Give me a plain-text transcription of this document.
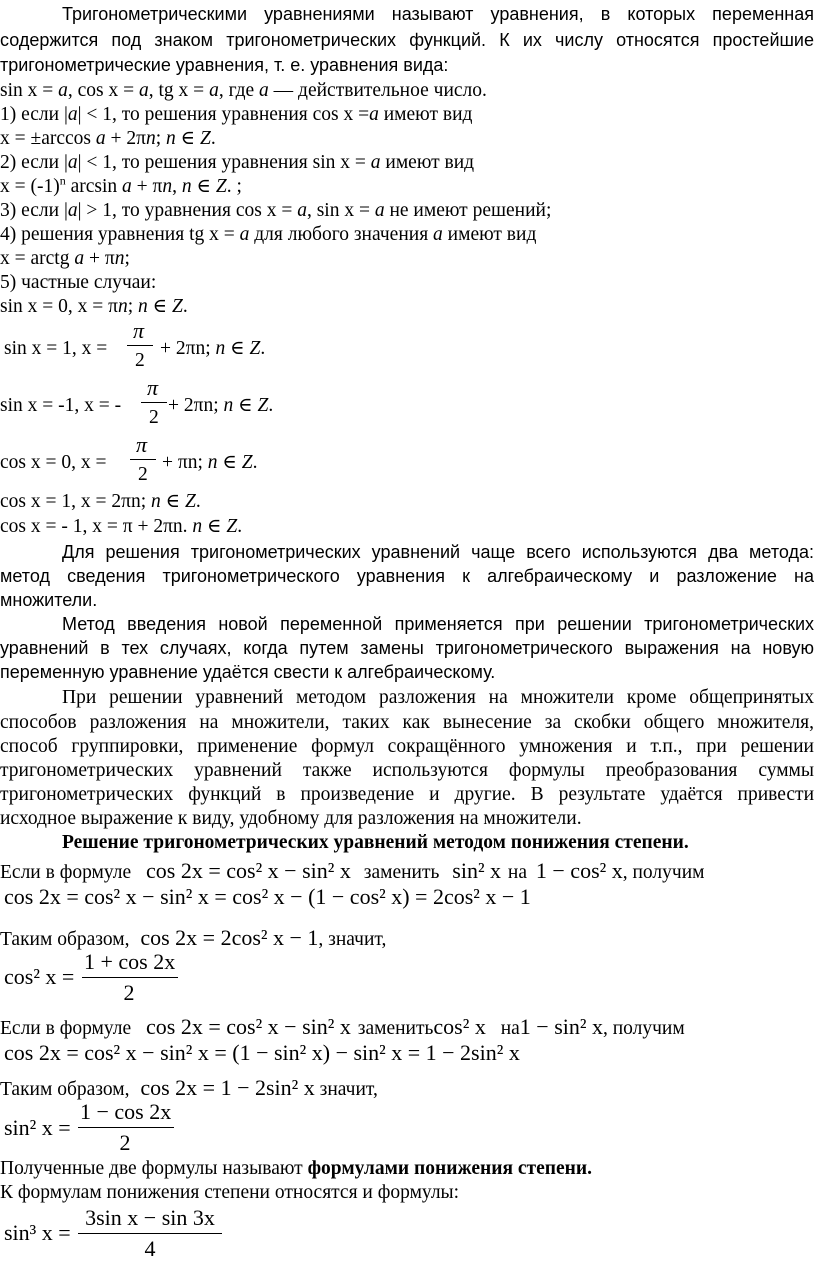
Тригонометрическими уравнениями называют уравнения, в которых переменная
содержится под знаком тригонометрических функций. К их числу относятся простейшие
тригонометрические уравнения, т. е. уравнения вида:
sin x = a, cos x = a, tg x = a, где a — действительное число.
1) если |a| < 1, то решения уравнения cos x =a имеют вид
x = ±arccos a + 2πn; n ∈ Z.
2) если |a| < 1, то решения уравнения sin x = a имеют вид
$x = (-1)^n$ arcsin a + πn, n ∈ Z. ;
3) если |a| > 1, то уравнения cos x = a, sin x = a не имеют решений;
4) решения уравнения tg x = a для любого значения a имеют вид
x = arctg a + πn;
5) частные случаи:
sin x = 0, x = πn; n ∈ Z.
sin x = 1, x =
π
2
+ 2πn; n ∈ Z.
sin x = -1, x = -
π
2
+ 2πn; n ∈ Z.
cos x = 0, x =
π
2
+ πn; n ∈ Z.
cos x = 1, x = 2πn; n ∈ Z.
cos x = - 1, x = π + 2πn. n ∈ Z.
Для решения тригонометрических уравнений чаще всего используются два метода:
метод сведения тригонометрического уравнения к алгебраическому и разложение на
множители.
Метод введения новой переменной применяется при решении тригонометрических
уравнений в тех случаях, когда путем замены тригонометрического выражения на новую
переменную уравнение удаётся свести к алгебраическому.
При решении уравнений методом разложения на множители кроме общепринятых
способов разложения на множители, таких как вынесение за скобки общего множителя,
способ группировки, применение формул сокращённого умножения и т.п., при решении
тригонометрических уравнений также используются формулы преобразования суммы
тригонометрических функций в произведение и другие. В результате удаётся привести
исходное выражение к виду, удобному для разложения на множители.
Решение тригонометрических уравнений методом понижения степени.
Если в формуле cos 2x = cos² x − sin² x заменить sin² x на 1 − cos² x, получим
cos 2x = cos² x − sin² x = cos² x − (1 − cos² x) = 2cos² x − 1
Таким образом, cos 2x = 2cos² x − 1, значит,
cos² x =
1 + cos 2x
2
Если в формуле cos 2x = cos² x − sin² x заменитьcos² x на1 − sin² x, получим
cos 2x = cos² x − sin² x = (1 − sin² x) − sin² x = 1 − 2sin² x
Таким образом, cos 2x = 1 − 2sin² x значит,
sin² x =
1 − cos 2x
2
Полученные две формулы называют формулами понижения степени.
К формулам понижения степени относятся и формулы:
sin³ x =
3sin x − sin 3x
4
